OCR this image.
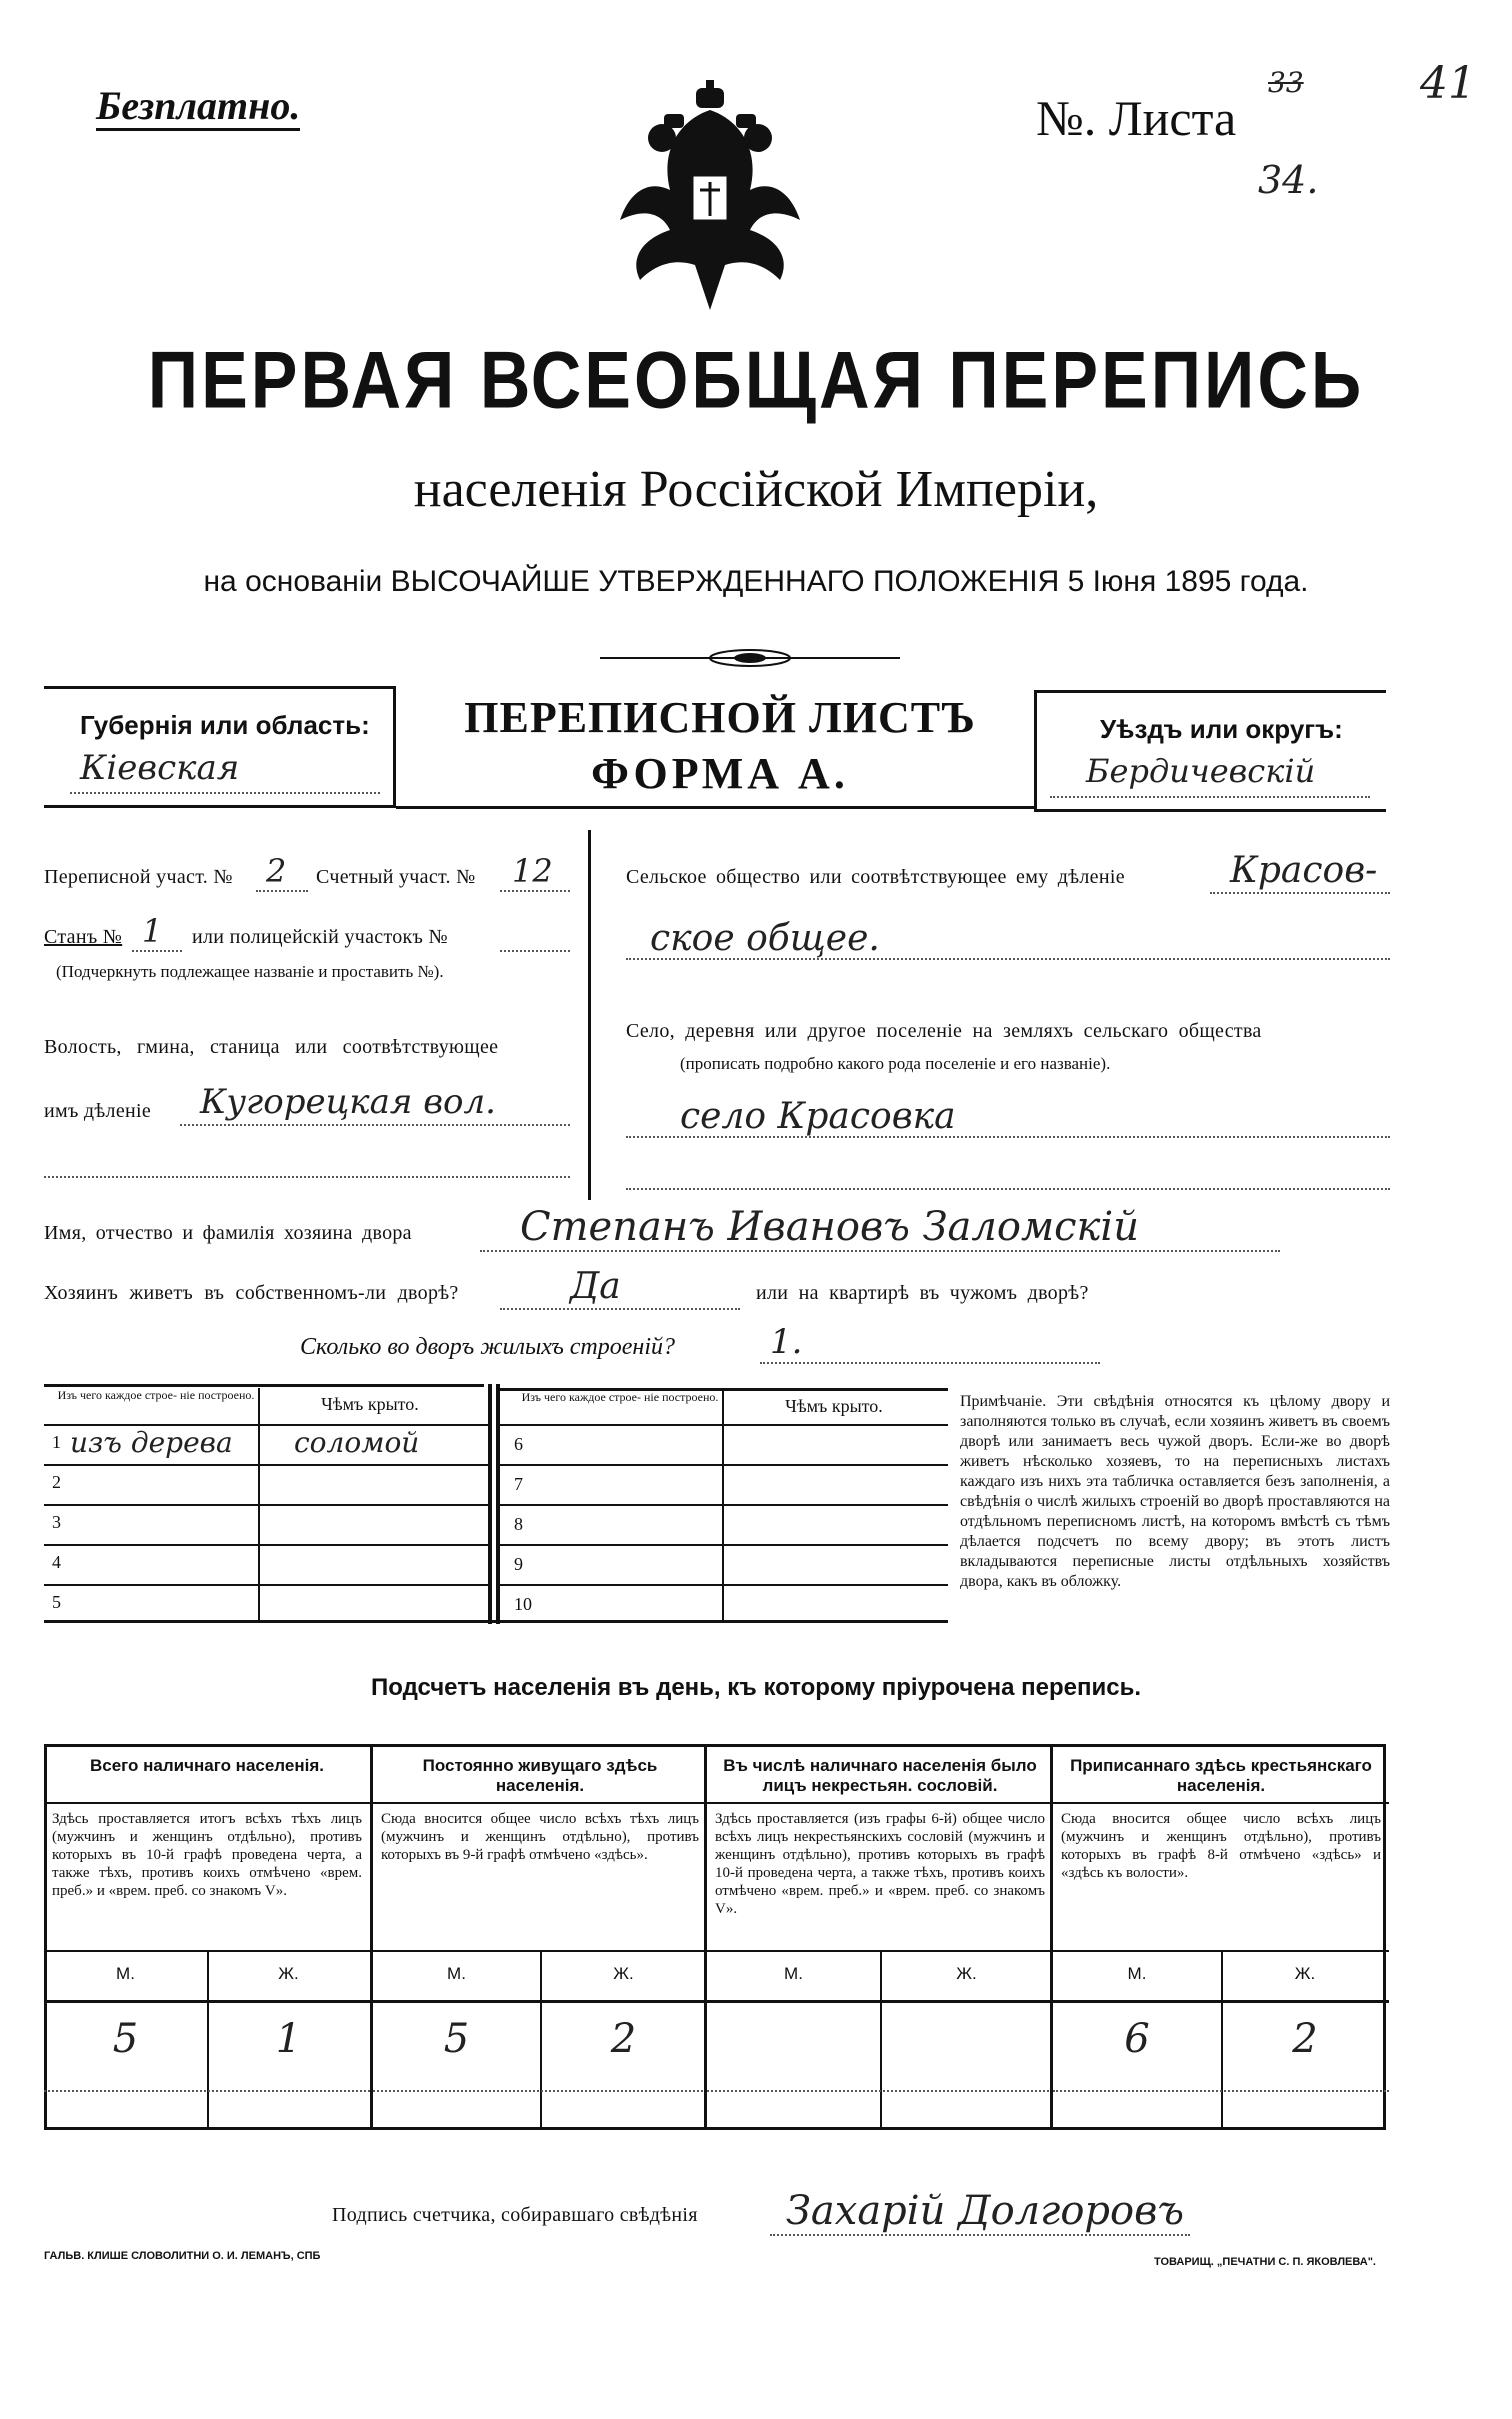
Безплатно.	№. Листа
33
34.
41
ПЕРВАЯ ВСЕОБЩАЯ ПЕРЕПИСЬ
населенія Россійской Имперіи,
на основаніи ВЫСОЧАЙШЕ УТВЕРЖДЕННАГО ПОЛОЖЕНІЯ 5 Іюня 1895 года.
Губернія или область:
Кіевская
ПЕРЕПИСНОЙ ЛИСТЪ
ФОРМА А.
Уѣздъ или округъ:
Бердичевскій
Переписной участ. № 2 Счетный участ. № 12
Станъ № 1 или полицейскій участокъ №
(Подчеркнуть подлежащее названіе и проставить №).
Волость, гмина, станица или соотвѣтствующее
имъ дѣленіе Кугорецкая вол.
Сельское общество или соотвѣтствующее ему дѣленіе	Красов-
ское общее.
Село, деревня или другое поселеніе на земляхъ сельскаго общества
(прописать подробно какого рода поселеніе и его названіе).
село Красовка
Имя, отчество и фамилія хозяина двора	Степанъ Ивановъ Заломскій
Хозяинъ живетъ въ собственномъ-ли дворѣ?	Да	или на квартирѣ въ чужомъ дворѣ?
Сколько во дворъ жилыхъ строеній?	1.
Изъ чего каждое строе- ніе построено.	Чѣмъ крыто.	Изъ чего каждое строе- ніе построено.	Чѣмъ крыто.
1 изъ дерева соломой
2
3
4
5
6
7
8
9
10
Примѣчаніе. Эти свѣдѣнія относятся къ цѣлому двору и заполняются только въ случаѣ, если хозяинъ живетъ въ своемъ дворѣ или занимаетъ весь чужой дворъ. Если-же во дворѣ живетъ нѣсколько хозяевъ, то на переписныхъ листахъ каждаго изъ нихъ эта табличка оставляется безъ заполненія, а свѣдѣнія о числѣ жилыхъ строеній во дворѣ проставляются на отдѣльномъ переписномъ листѣ, на которомъ вмѣстѣ съ тѣмъ дѣлается подсчетъ по всему двору; въ этотъ листъ вкладываются переписные листы отдѣльныхъ хозяйствъ двора, какъ въ обложку.
Подсчетъ населенія въ день, къ которому пріурочена перепись.
Всего наличнаго населенія.
Здѣсь проставляется итогъ всѣхъ тѣхъ лицъ (мужчинъ и женщинъ отдѣльно), противъ которыхъ въ 10-й графѣ проведена черта, а также тѣхъ, противъ коихъ отмѣчено «врем. преб.» и «врем. преб. со знакомъ V».
М.	Ж.
5	1
Постоянно живущаго здѣсь населенія.
Сюда вносится общее число всѣхъ тѣхъ лицъ (мужчинъ и женщинъ отдѣльно), противъ которыхъ въ 9-й графѣ отмѣчено «здѣсь».
М.	Ж.
5	2
Въ числѣ наличнаго населенія было лицъ некрестьян. сословій.
Здѣсь проставляется (изъ графы 6-й) общее число всѣхъ лицъ некрестьянскихъ сословій (мужчинъ и женщинъ отдѣльно), противъ которыхъ въ графѣ 10-й проведена черта, а также тѣхъ, противъ коихъ отмѣчено «врем. преб.» и «врем. преб. со знакомъ V».
М.	Ж.
Приписаннаго здѣсь крестьянскаго населенія.
Сюда вносится общее число всѣхъ лицъ (мужчинъ и женщинъ отдѣльно), противъ которыхъ въ графѣ 8-й отмѣчено «здѣсь» и «здѣсь къ волости».
М.	Ж.
6	2
Подпись счетчика, собиравшаго свѣдѣнія Захарій Долгоровъ
ГАЛЬВ. КЛИШЕ СЛОВОЛИТНИ О. И. ЛЕМАНЪ, СПБ	ТОВАРИЩ. „ПЕЧАТНИ С. П. ЯКОВЛЕВА".
